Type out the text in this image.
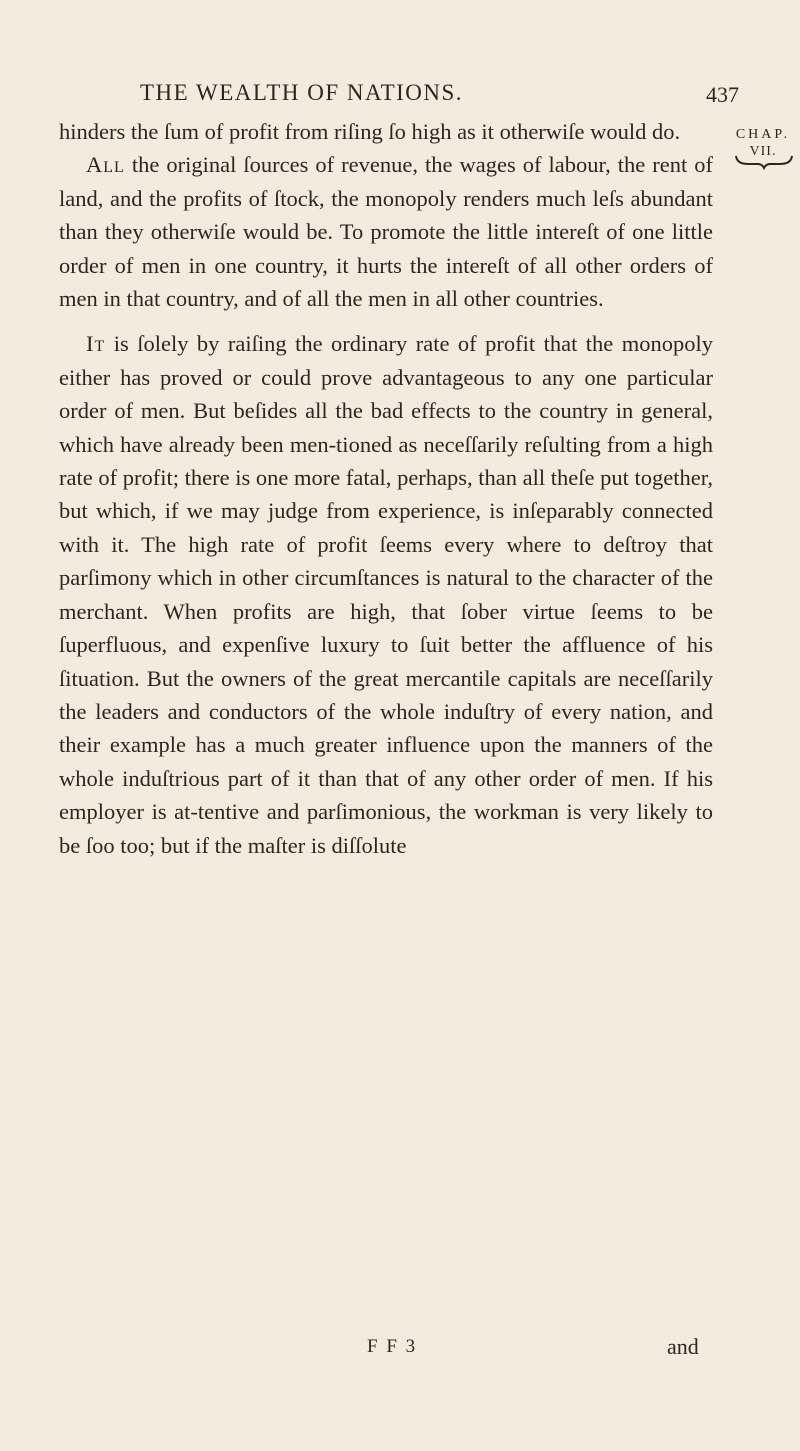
THE WEALTH OF NATIONS.	437
CHAP.
VII.

hinders the ſum of profit from riſing ſo high as it otherwiſe would do.

All the original ſources of revenue, the wages of labour, the rent of land, and the profits of ſtock, the monopoly renders much leſs abundant than they otherwiſe would be. To promote the little intereſt of one little order of men in one country, it hurts the intereſt of all other orders of men in that country, and of all the men in all other countries.

It is ſolely by raiſing the ordinary rate of profit that the monopoly either has proved or could prove advantageous to any one particular order of men. But beſides all the bad effects to the country in general, which have already been men-tioned as neceſſarily reſulting from a high rate of profit; there is one more fatal, perhaps, than all theſe put together, but which, if we may judge from experience, is inſeparably connected with it. The high rate of profit ſeems every where to deſtroy that parſimony which in other circumſtances is natural to the character of the merchant. When profits are high, that ſober virtue ſeems to be ſuperfluous, and expenſive luxury to ſuit better the affluence of his ſituation. But the owners of the great mercantile capitals are neceſſarily the leaders and conductors of the whole induſtry of every nation, and their example has a much greater influence upon the manners of the whole induſtrious part of it than that of any other order of men. If his employer is at-tentive and parſimonious, the workman is very likely to be ſoo too; but if the maſter is diſſolute

F F 3	and
